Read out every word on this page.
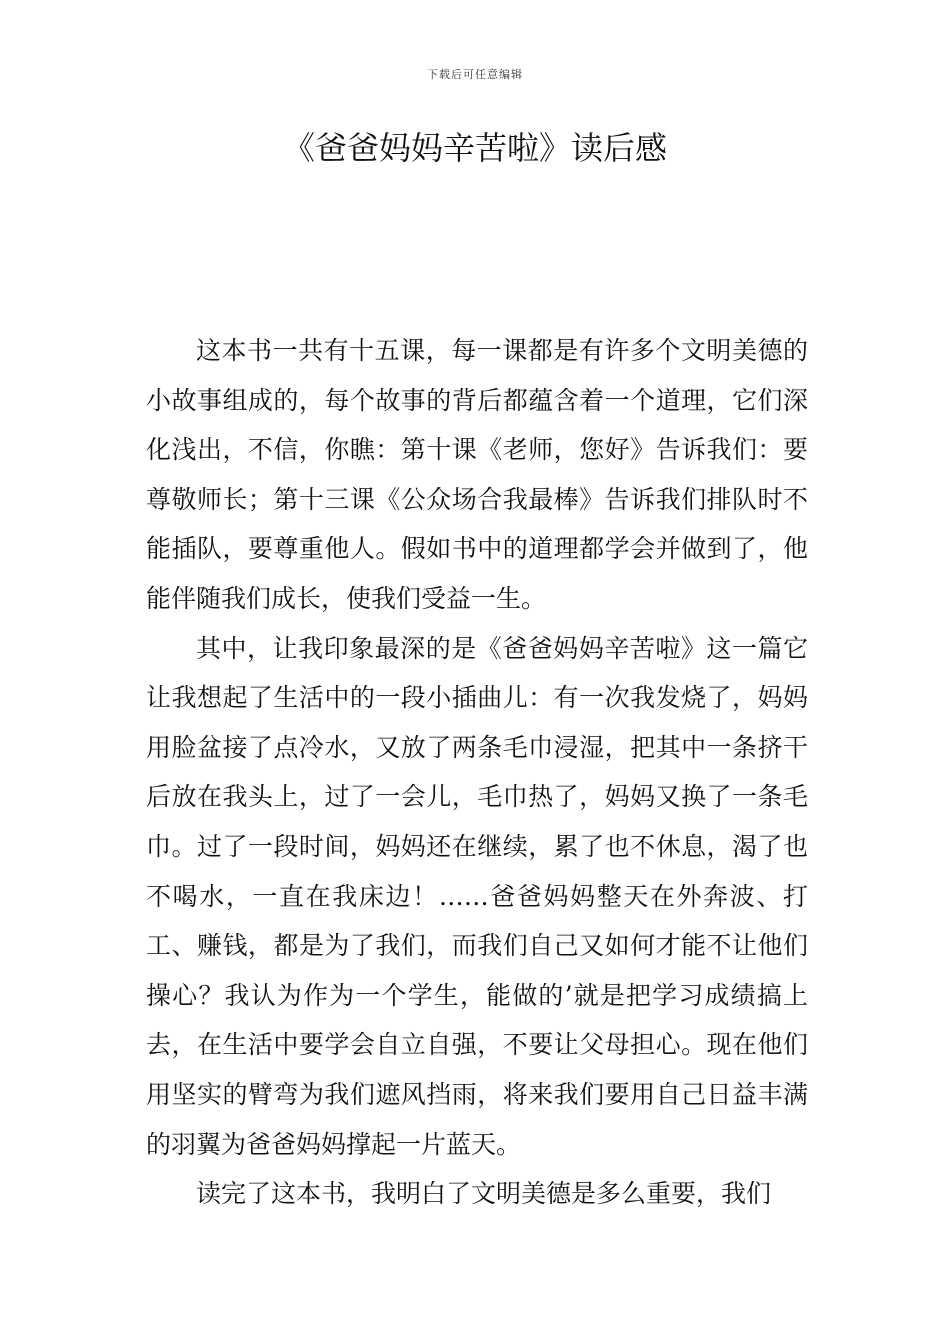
下载后可任意编辑
《爸爸妈妈辛苦啦》读后感

这本书一共有十五课，每一课都是有许多个文明美德的小故事组成的，每个故事的背后都蕴含着一个道理，它们深化浅出，不信，你瞧：第十课《老师，您好》告诉我们：要尊敬师长；第十三课《公众场合我最棒》告诉我们排队时不能插队，要尊重他人。假如书中的道理都学会并做到了，他能伴随我们成长，使我们受益一生。

其中，让我印象最深的是《爸爸妈妈辛苦啦》这一篇它让我想起了生活中的一段小插曲儿：有一次我发烧了，妈妈用脸盆接了点冷水，又放了两条毛巾浸湿，把其中一条挤干后放在我头上，过了一会儿，毛巾热了，妈妈又换了一条毛巾。过了一段时间，妈妈还在继续，累了也不休息，渴了也不喝水，一直在我床边！……爸爸妈妈整天在外奔波、打工、赚钱，都是为了我们，而我们自己又如何才能不让他们操心？我认为作为一个学生，能做的’就是把学习成绩搞上去，在生活中要学会自立自强，不要让父母担心。现在他们用坚实的臂弯为我们遮风挡雨，将来我们要用自己日益丰满的羽翼为爸爸妈妈撑起一片蓝天。

读完了这本书，我明白了文明美德是多么重要，我们
